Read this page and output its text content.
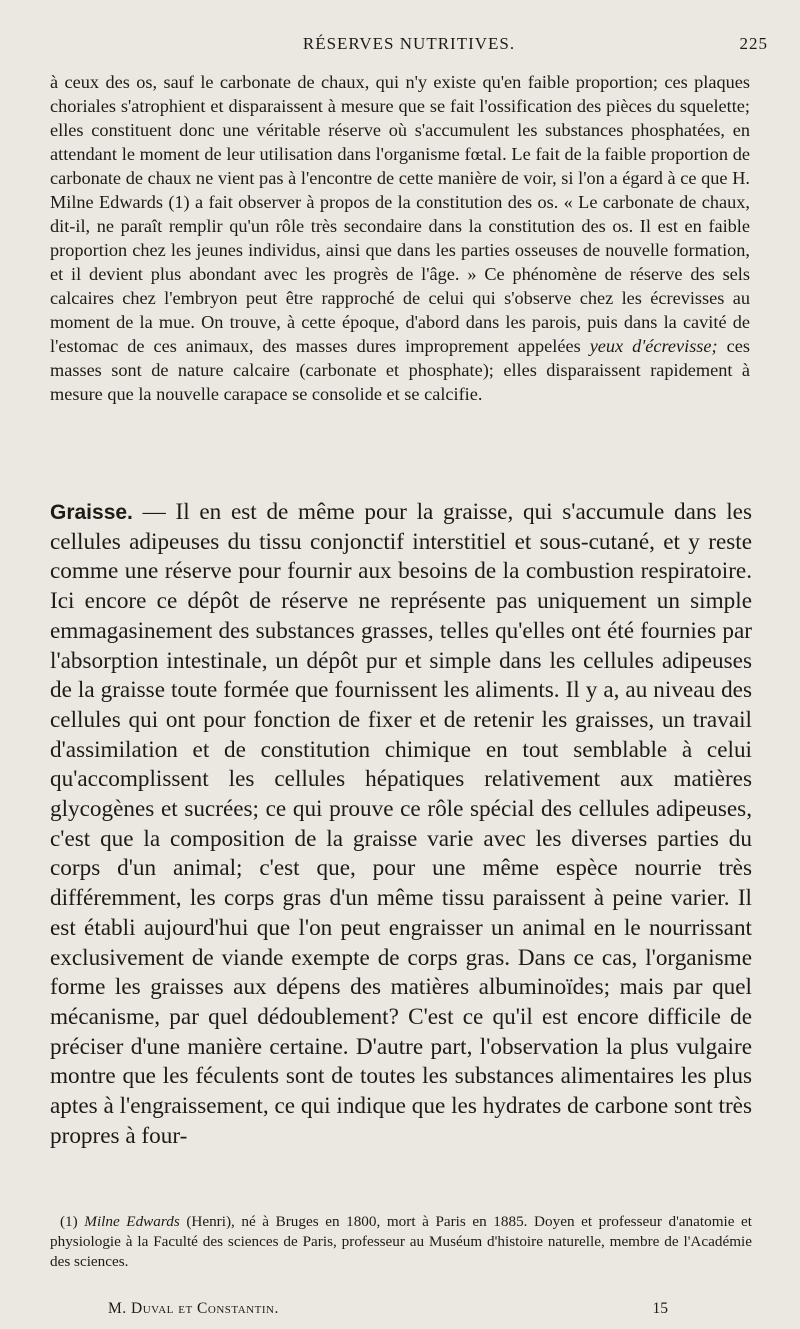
RÉSERVES NUTRITIVES.	225

à ceux des os, sauf le carbonate de chaux, qui n'y existe qu'en faible proportion; ces plaques choriales s'atrophient et disparaissent à mesure que se fait l'ossification des pièces du squelette; elles constituent donc une véritable réserve où s'accumulent les substances phosphatées, en attendant le moment de leur utilisation dans l'organisme fœtal. Le fait de la faible proportion de carbonate de chaux ne vient pas à l'encontre de cette manière de voir, si l'on a égard à ce que H. Milne Edwards (1) a fait observer à propos de la constitution des os. « Le carbonate de chaux, dit-il, ne paraît remplir qu'un rôle très secondaire dans la constitution des os. Il est en faible proportion chez les jeunes individus, ainsi que dans les parties osseuses de nouvelle formation, et il devient plus abondant avec les progrès de l'âge. » Ce phénomène de réserve des sels calcaires chez l'embryon peut être rapproché de celui qui s'observe chez les écrevisses au moment de la mue. On trouve, à cette époque, d'abord dans les parois, puis dans la cavité de l'estomac de ces animaux, des masses dures improprement appelées yeux d'écrevisse; ces masses sont de nature calcaire (carbonate et phosphate); elles disparaissent rapidement à mesure que la nouvelle carapace se consolide et se calcifie.

Graisse. — Il en est de même pour la graisse, qui s'accumule dans les cellules adipeuses du tissu conjonctif interstitiel et sous-cutané, et y reste comme une réserve pour fournir aux besoins de la combustion respiratoire. Ici encore ce dépôt de réserve ne représente pas uniquement un simple emmagasinement des substances grasses, telles qu'elles ont été fournies par l'absorption intestinale, un dépôt pur et simple dans les cellules adipeuses de la graisse toute formée que fournissent les aliments. Il y a, au niveau des cellules qui ont pour fonction de fixer et de retenir les graisses, un travail d'assimilation et de constitution chimique en tout semblable à celui qu'accomplissent les cellules hépatiques relativement aux matières glycogènes et sucrées; ce qui prouve ce rôle spécial des cellules adipeuses, c'est que la composition de la graisse varie avec les diverses parties du corps d'un animal; c'est que, pour une même espèce nourrie très différemment, les corps gras d'un même tissu paraissent à peine varier. Il est établi aujourd'hui que l'on peut engraisser un animal en le nourrissant exclusivement de viande exempte de corps gras. Dans ce cas, l'organisme forme les graisses aux dépens des matières albuminoïdes; mais par quel mécanisme, par quel dédoublement? C'est ce qu'il est encore difficile de préciser d'une manière certaine. D'autre part, l'observation la plus vulgaire montre que les féculents sont de toutes les substances alimentaires les plus aptes à l'engraissement, ce qui indique que les hydrates de carbone sont très propres à four-

(1) Milne Edwards (Henri), né à Bruges en 1800, mort à Paris en 1885. Doyen et professeur d'anatomie et physiologie à la Faculté des sciences de Paris, professeur au Muséum d'histoire naturelle, membre de l'Académie des sciences.

M. Duval et Constantin.	15
